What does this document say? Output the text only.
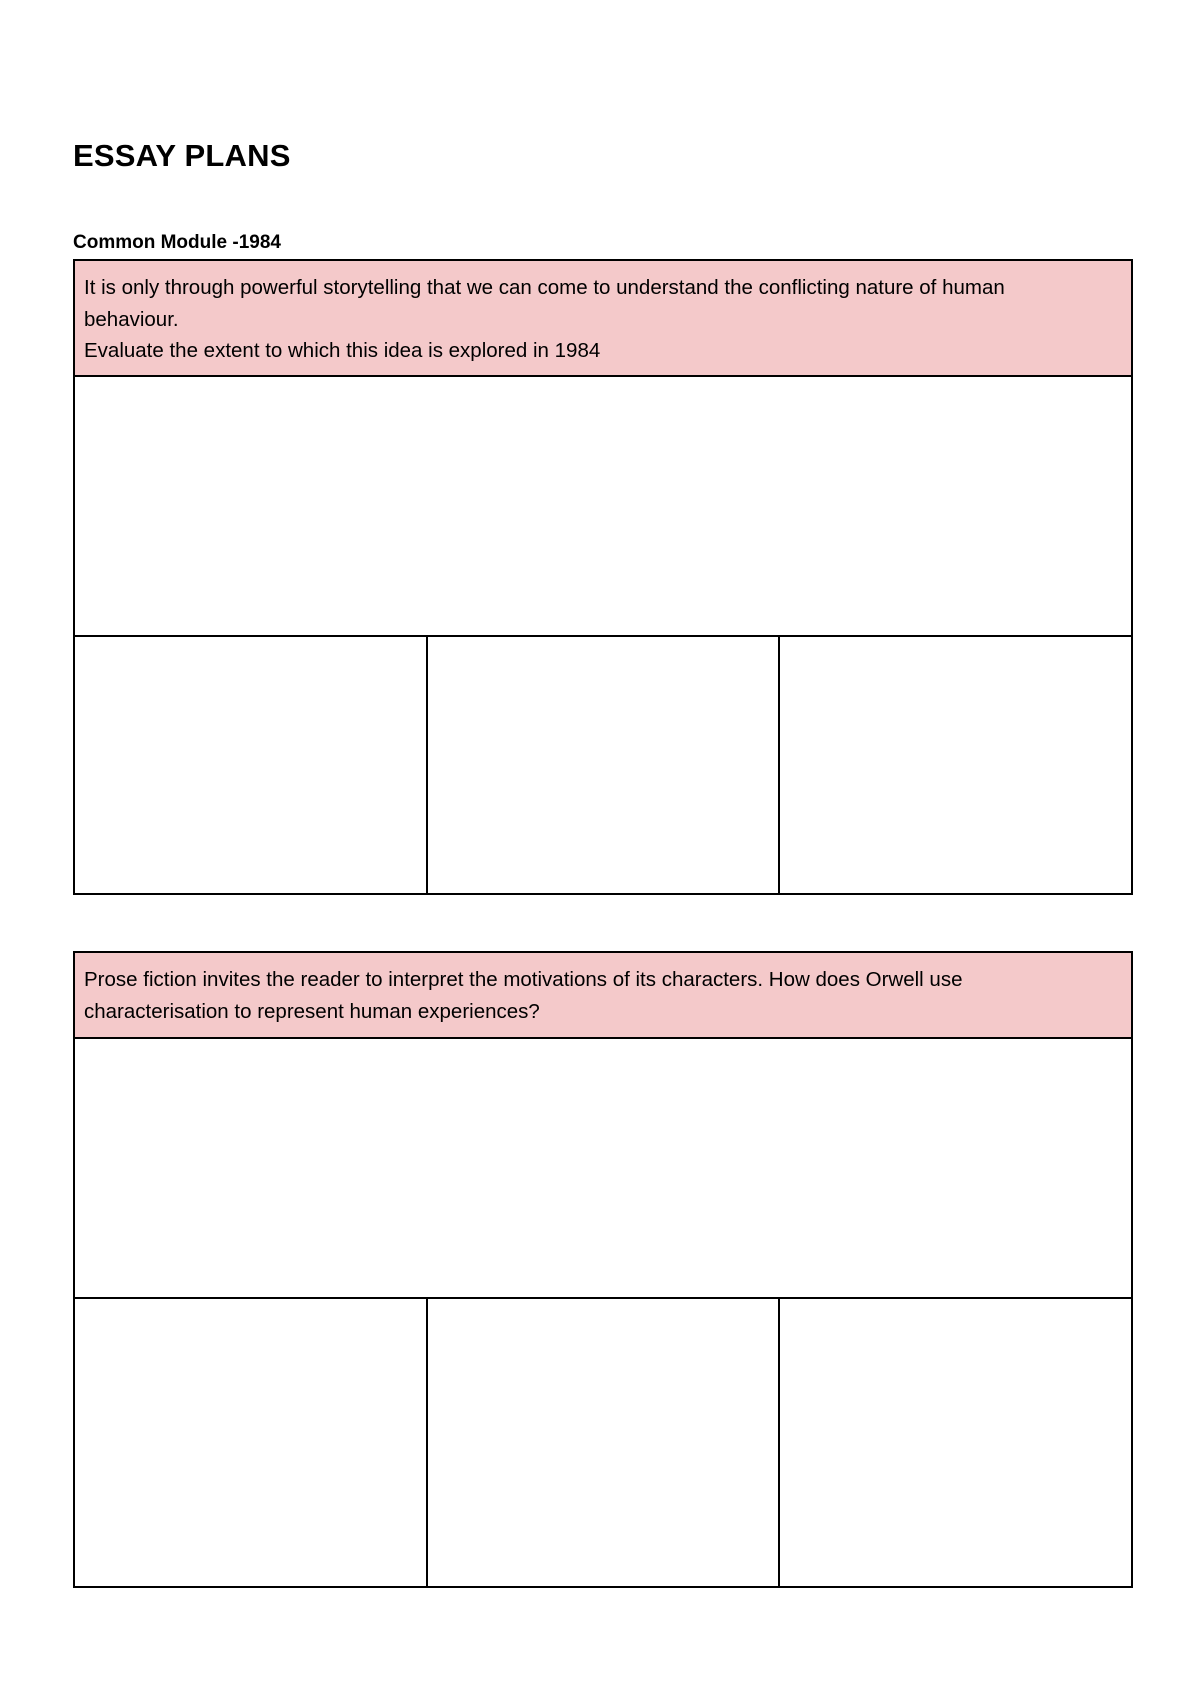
ESSAY PLANS

Common Module -1984

It is only through powerful storytelling that we can come to understand the conflicting nature of human
behaviour.
Evaluate the extent to which this idea is explored in 1984
Prose fiction invites the reader to interpret the motivations of its characters. How does Orwell use
characterisation to represent human experiences?
